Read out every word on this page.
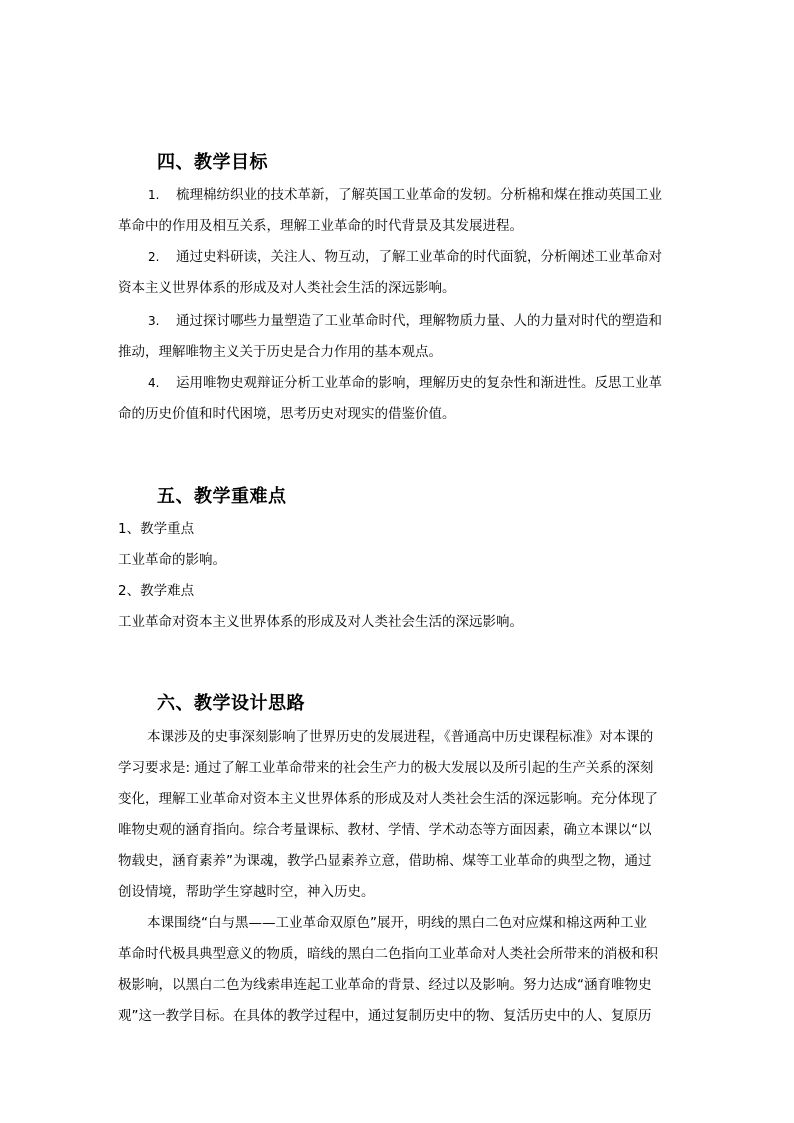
四、教学目标

1. 梳理棉纺织业的技术革新，了解英国工业革命的发轫。分析棉和煤在推动英国工业

革命中的作用及相互关系，理解工业革命的时代背景及其发展进程。

2. 通过史料研读，关注人、物互动，了解工业革命的时代面貌，分析阐述工业革命对

资本主义世界体系的形成及对人类社会生活的深远影响。

3. 通过探讨哪些力量塑造了工业革命时代，理解物质力量、人的力量对时代的塑造和

推动，理解唯物主义关于历史是合力作用的基本观点。

4. 运用唯物史观辩证分析工业革命的影响，理解历史的复杂性和渐进性。反思工业革

命的历史价值和时代困境，思考历史对现实的借鉴价值。

五、教学重难点

1、教学重点

工业革命的影响。

2、教学难点

工业革命对资本主义世界体系的形成及对人类社会生活的深远影响。

六、教学设计思路

本课涉及的史事深刻影响了世界历史的发展进程，《普通高中历史课程标准》对本课的

学习要求是: 通过了解工业革命带来的社会生产力的极大发展以及所引起的生产关系的深刻

变化，理解工业革命对资本主义世界体系的形成及对人类社会生活的深远影响。充分体现了

唯物史观的涵育指向。综合考量课标、教材、学情、学术动态等方面因素，确立本课以“以

物载史，涵育素养”为课魂，教学凸显素养立意，借助棉、煤等工业革命的典型之物，通过

创设情境，帮助学生穿越时空，神入历史。

本课围绕“白与黑——工业革命双原色”展开，明线的黑白二色对应煤和棉这两种工业

革命时代极具典型意义的物质，暗线的黑白二色指向工业革命对人类社会所带来的消极和积

极影响，以黑白二色为线索串连起工业革命的背景、经过以及影响。努力达成“涵育唯物史

观”这一教学目标。在具体的教学过程中，通过复制历史中的物、复活历史中的人、复原历
